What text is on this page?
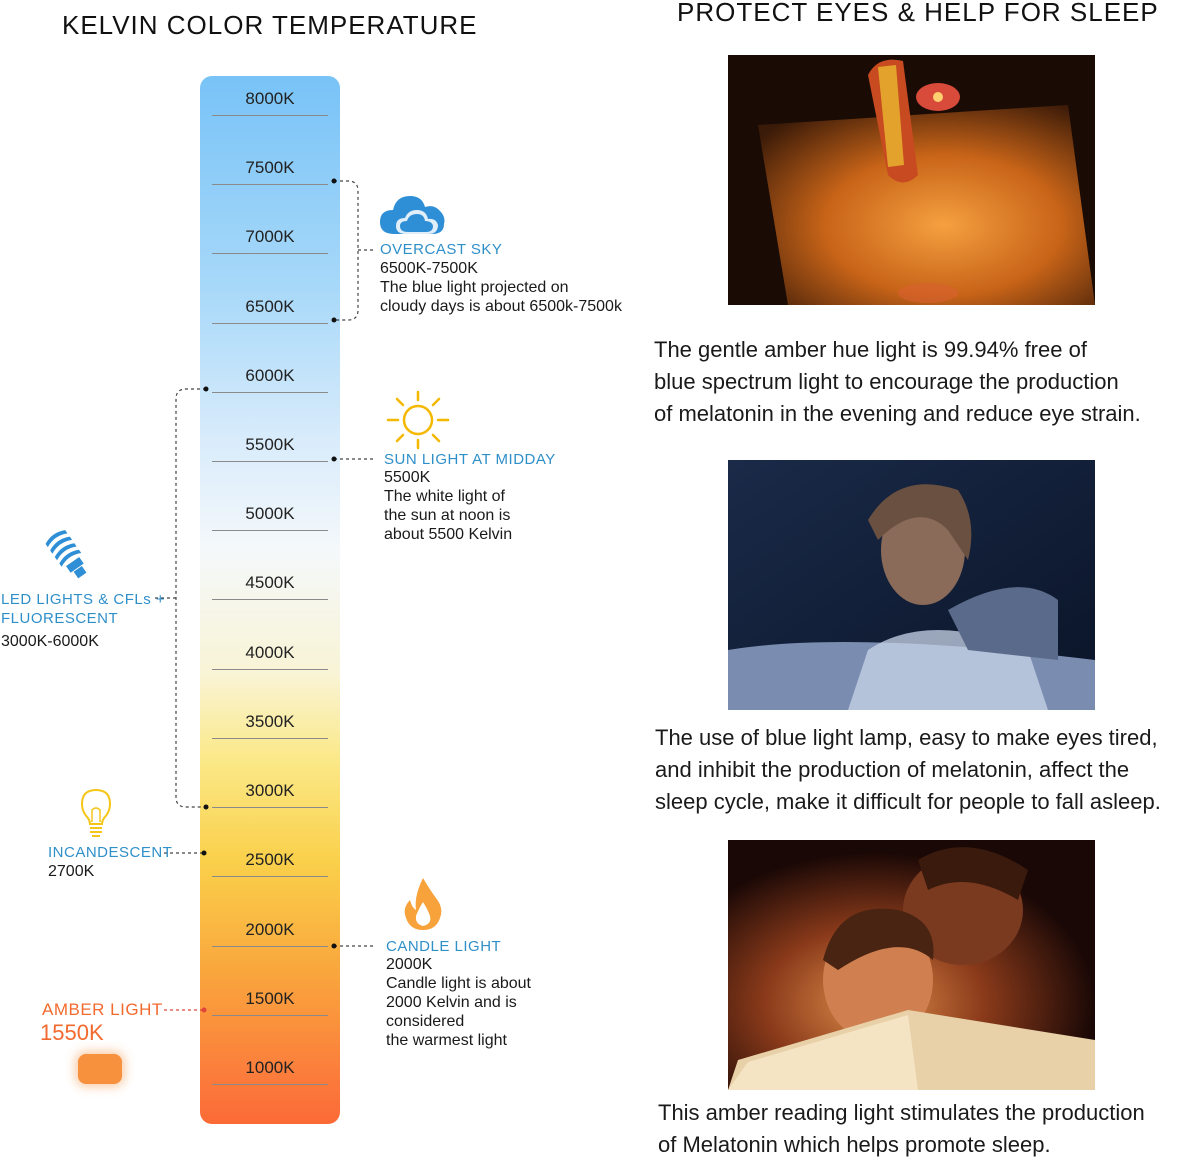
KELVIN COLOR TEMPERATURE
8000K
7500K
7000K
6500K
6000K
5500K
5000K
4500K
4000K
3500K
3000K
2500K
2000K
1500K
1000K
OVERCAST SKY
6500K-7500K
The blue light projected on
cloudy days is about 6500k-7500k
SUN LIGHT AT MIDDAY
5500K
The white light of
the sun at noon is
about 5500 Kelvin
LED LIGHTS & CFLs +
FLUORESCENT
3000K-6000K
INCANDESCENT
2700K
CANDLE LIGHT
2000K
Candle light is about
2000 Kelvin and is
considered
the warmest light
AMBER LIGHT
1550K
PROTECT EYES & HELP FOR SLEEP
The gentle amber hue light is 99.94% free of
blue spectrum light to encourage the production
of melatonin in the evening and reduce eye strain.
The use of blue light lamp, easy to make eyes tired,
and inhibit the production of melatonin, affect the
sleep cycle, make it difficult for people to fall asleep.
This amber reading light stimulates the production
of Melatonin which helps promote sleep.
